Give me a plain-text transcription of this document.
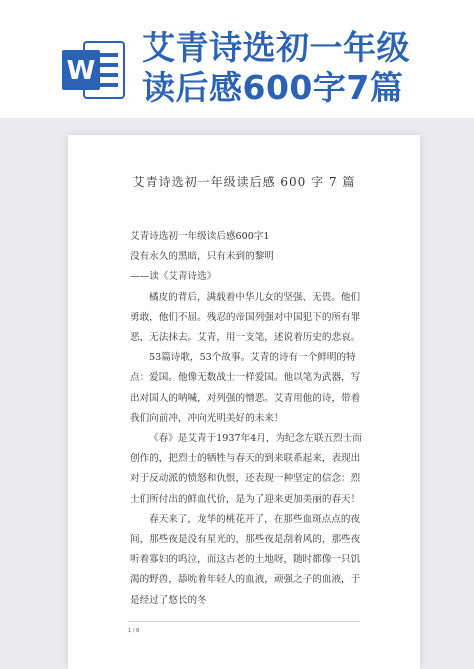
W
艾青诗选初一年级
读后感600字7篇
艾青诗选初一年级读后感 600 字 7 篇

艾青诗选初一年级读后感600字1

没有永久的黑暗，只有未到的黎明

——读《艾青诗选》

橘皮的背后，满载着中华儿女的坚强、无畏。他们勇敢，他们不屈。残忍的帝国列强对中国犯下的所有罪恶，无法抹去。艾青，用一支笔，述说着历史的悲哀。

53篇诗歌，53个故事。艾青的诗有一个鲜明的特点：爱国。他像无数战士一样爱国。他以笔为武器，写出对国人的呐喊，对列强的憎恶。艾青用他的诗，带着我们向前冲，冲向光明美好的未来！

《春》是艾青于1937年4月，为纪念左联五烈士而创作的，把烈士的牺牲与春天的到来联系起来，表现出对于反动派的愤怒和仇恨，还表现一种坚定的信念：烈士们所付出的鲜血代价，是为了迎来更加美丽的春天！

春天来了，龙华的桃花开了，在那些血斑点点的夜间，那些夜是没有星光的，那些夜是刮着风的，那些夜听着寡妇的呜泣，而这古老的土地呀，随时都像一只饥渴的野兽，舔吮着年轻人的血液，顽强之子的血液，于是经过了悠长的冬

1 / 8
